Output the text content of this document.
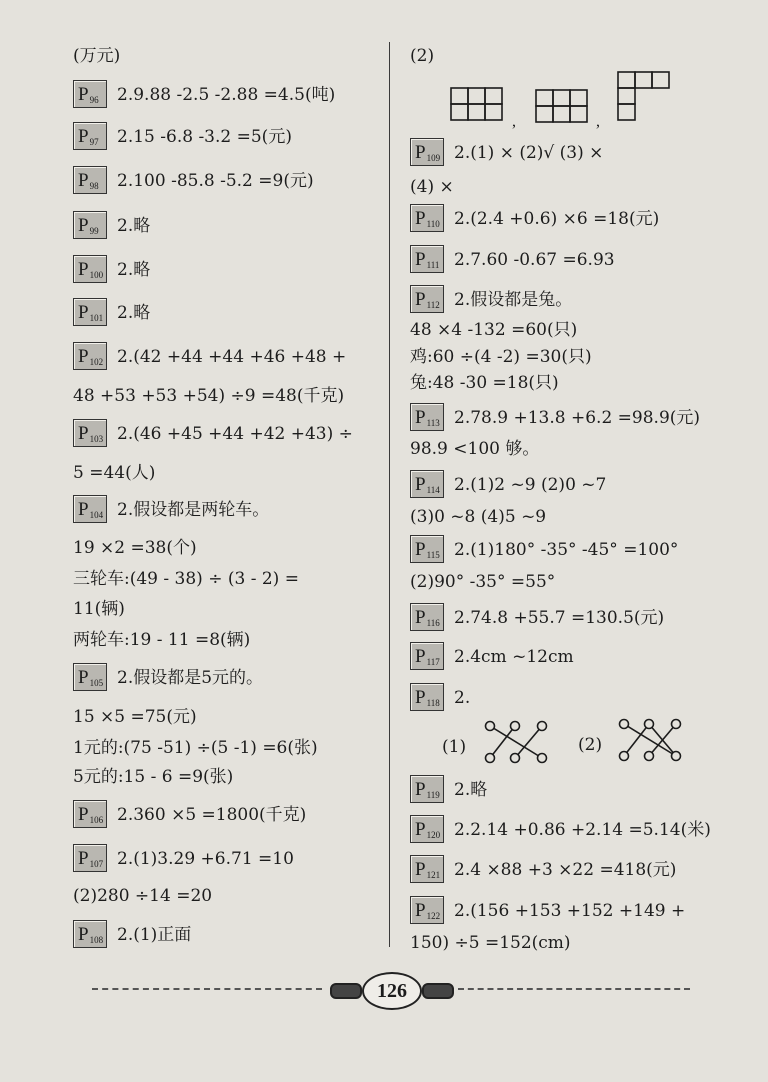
(万元)
$P_{96}$	2.9.88 -2.5 -2.88 =4.5(吨)
$P_{97}$	2.15 -6.8 -3.2 =5(元)
$P_{98}$	2.100 -85.8 -5.2 =9(元)
$P_{99}$	2.略
$P_{100}$ 2.略
$P_{101}$ 2.略
$P_{102}$ 2.(42 +44 +44 +46 +48 +
48 +53 +53 +54) ÷9 =48(千克)
$P_{103}$ 2.(46 +45 +44 +42 +43) ÷
5 =44(人)
$P_{104}$ 2.假设都是两轮车。
19 ×2 =38(个)
三轮车:(49 - 38) ÷ (3 - 2) =
11(辆)
两轮车:19 - 11 =8(辆)
$P_{105}$ 2.假设都是5元的。
15 ×5 =75(元)
1元的:(75 -51) ÷(5 -1) =6(张)
5元的:15 - 6 =9(张)
$P_{106}$ 2.360 ×5 =1800(千克)
$P_{107}$ 2.(1)3.29 +6.71 =10
(2)280 ÷14 =20
$P_{108}$ 2.(1)正面
(2)
,	,
$P_{109}$ 2.(1) × (2)√ (3) ×
(4) ×
$P_{110}$ 2.(2.4 +0.6) ×6 =18(元)
$P_{111}$ 2.7.60 -0.67 =6.93
$P_{112}$ 2.假设都是兔。
48 ×4 -132 =60(只)
鸡:60 ÷(4 -2) =30(只)
兔:48 -30 =18(只)
$P_{113}$ 2.78.9 +13.8 +6.2 =98.9(元)
98.9 <100 够。
$P_{114}$ 2.(1)2 ~9 (2)0 ~7
(3)0 ~8 (4)5 ~9
$P_{115}$ 2.(1)180° -35° -45° =100°
(2)90° -35° =55°
$P_{116}$ 2.74.8 +55.7 =130.5(元)
$P_{117}$ 2.4cm ~12cm
$P_{118}$ 2.
(1)	(2)
$P_{119}$ 2.略
$P_{120}$ 2.2.14 +0.86 +2.14 =5.14(米)
$P_{121}$ 2.4 ×88 +3 ×22 =418(元)
$P_{122}$ 2.(156 +153 +152 +149 +
150) ÷5 =152(cm)
126
